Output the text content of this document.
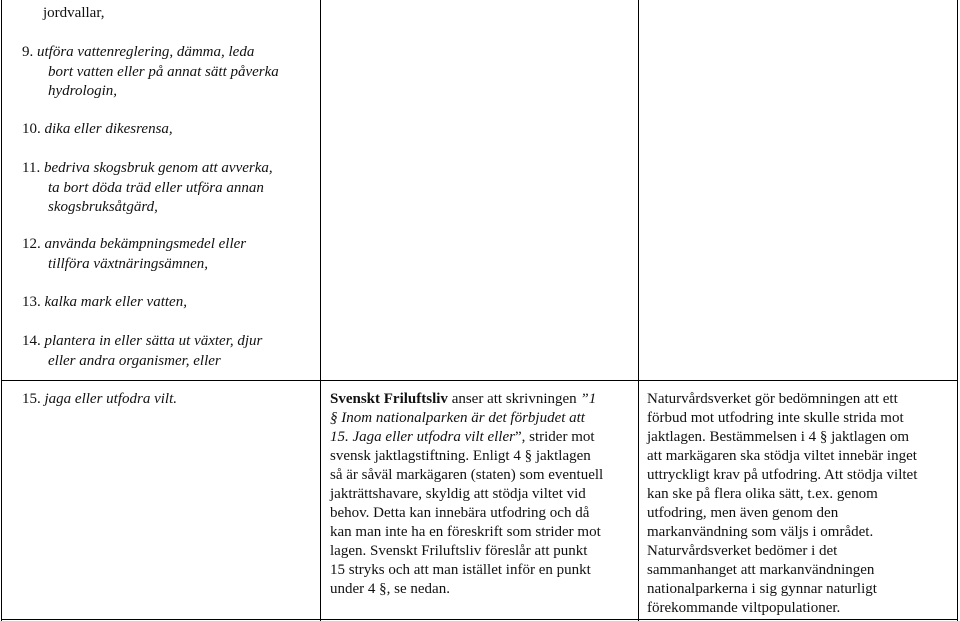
jordvallar,
9. utföra vattenreglering, dämma, leda
bort vatten eller på annat sätt påverka
hydrologin,
10. dika eller dikesrensa,
11. bedriva skogsbruk genom att avverka,
ta bort döda träd eller utföra annan
skogsbruksåtgärd,
12. använda bekämpningsmedel eller
tillföra växtnäringsämnen,
13. kalka mark eller vatten,
14. plantera in eller sätta ut växter, djur
eller andra organismer, eller
15. jaga eller utfodra vilt.	Svenskt Friluftsliv anser att skrivningen ”1

§ Inom nationalparken är det förbjudet att

15. Jaga eller utfodra vilt eller”, strider mot

svensk jaktlagstiftning. Enligt 4 § jaktlagen

så är såväl markägaren (staten) som eventuell

jakträttshavare, skyldig att stödja viltet vid

behov. Detta kan innebära utfodring och då

kan man inte ha en föreskrift som strider mot

lagen. Svenskt Friluftsliv föreslår att punkt

15 stryks och att man istället inför en punkt

under 4 §, se nedan.

Naturvårdsverket gör bedömningen att ett

förbud mot utfodring inte skulle strida mot

jaktlagen. Bestämmelsen i 4 § jaktlagen om

att markägaren ska stödja viltet innebär inget

uttryckligt krav på utfodring. Att stödja viltet

kan ske på flera olika sätt, t.ex. genom

utfodring, men även genom den

markanvändning som väljs i området.

Naturvårdsverket bedömer i det

sammanhanget att markanvändningen

nationalparkerna i sig gynnar naturligt

förekommande viltpopulationer.
